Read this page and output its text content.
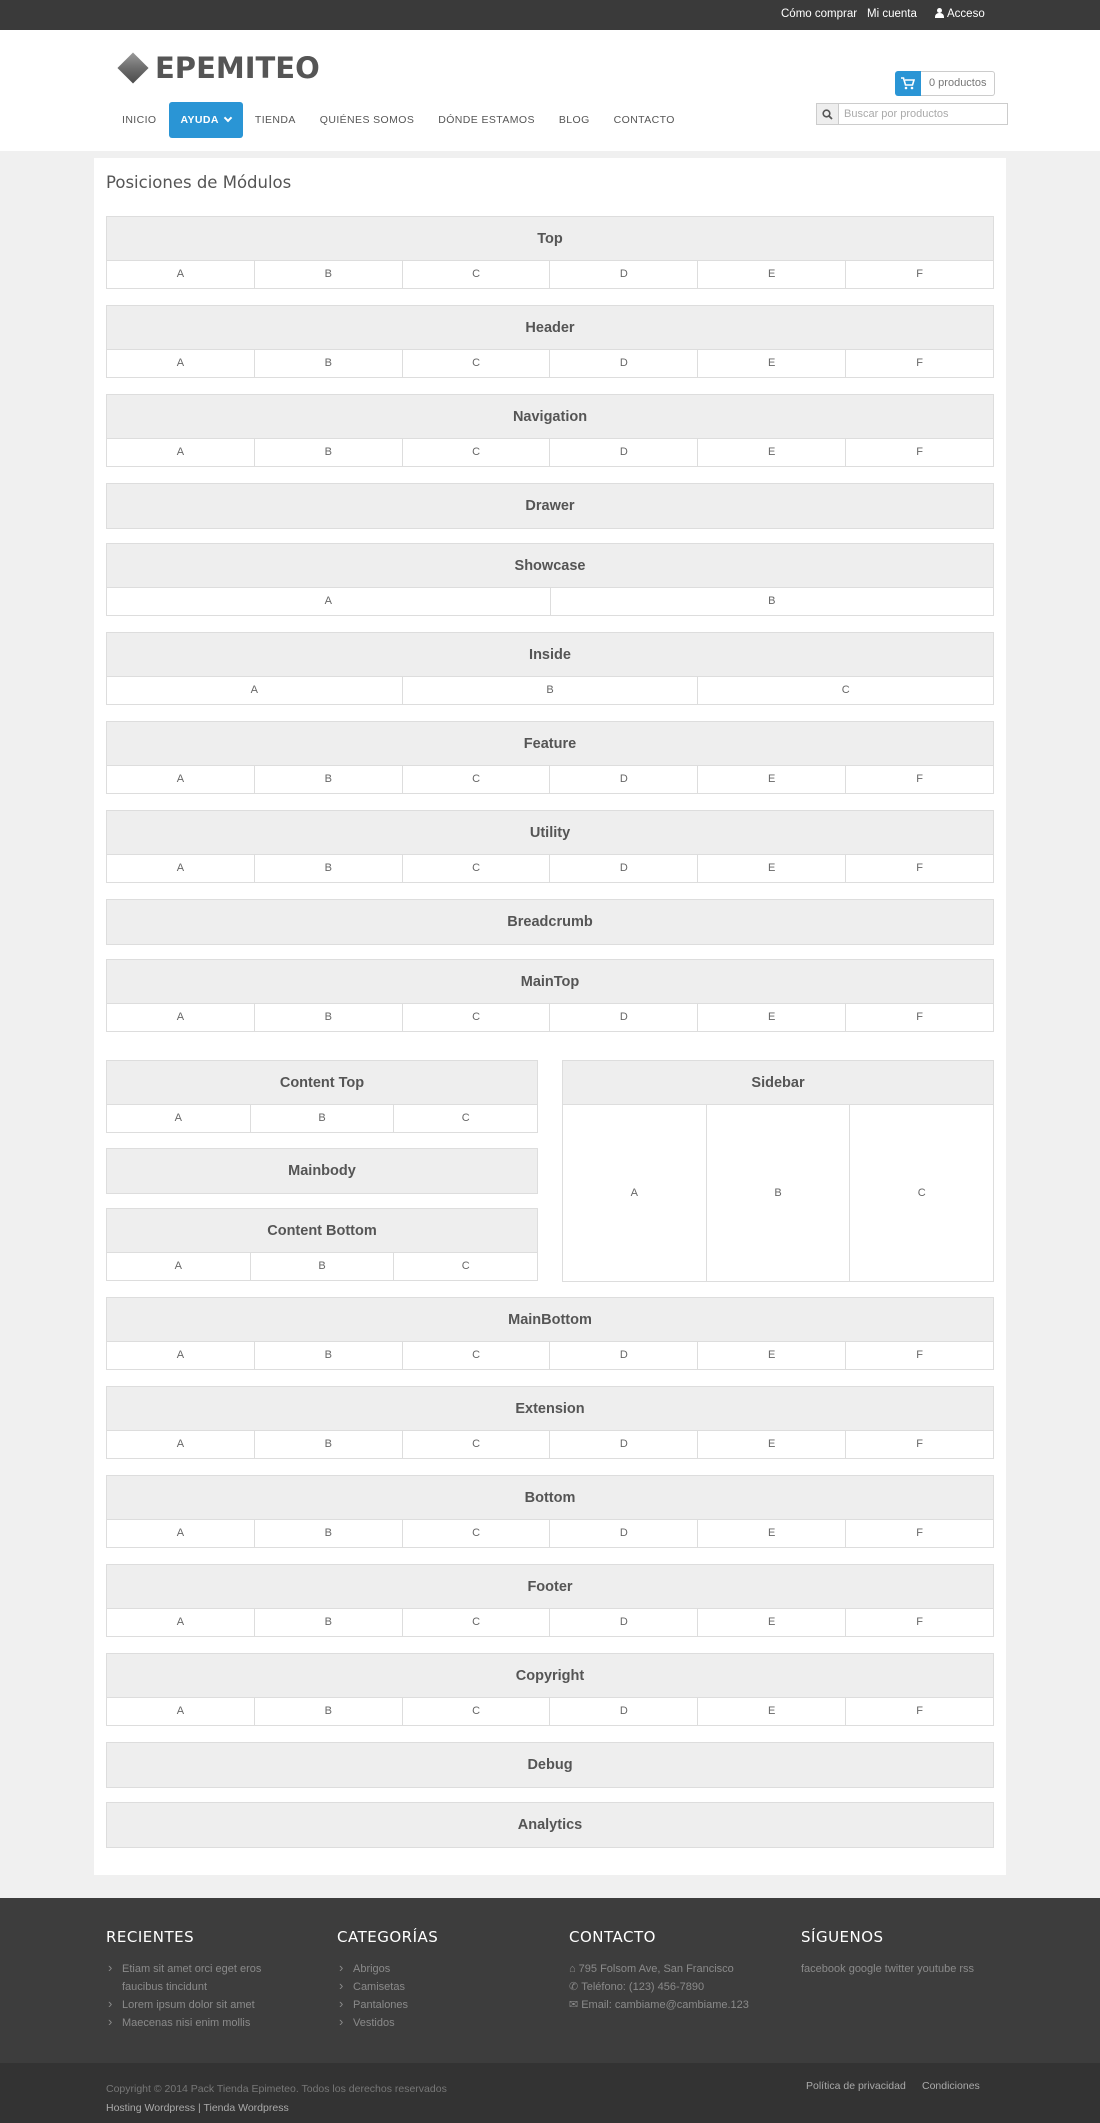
Cómo comprar Mi cuenta	Acceso
EPEMITEO	0 productos
Buscar por productos
INICIO	AYUDA	TIENDA	QUIÉNES SOMOS	DÓNDE ESTAMOS	BLOG	CONTACTO
Posiciones de Módulos
Top
A	B	C	D	E	F
Header
A	B	C	D	E	F
Navigation
A	B	C	D	E	F
Drawer
Showcase
A	B
Inside
A	B	C
Feature
A	B	C	D	E	F
Utility
A	B	C	D	E	F
Breadcrumb
MainTop
A	B	C	D	E	F
Content Top
A	B	C
Mainbody
Content Bottom
A	B	C
Sidebar
A	B	C
MainBottom
A	B	C	D	E	F
Extension
A	B	C	D	E	F
Bottom
A	B	C	D	E	F
Footer
A	B	C	D	E	F
Copyright
A	B	C	D	E	F
Debug
Analytics
RECIENTES
› Etiam sit amet orci eget eros faucibus tincidunt
› Lorem ipsum dolor sit amet
› Maecenas nisi enim mollis
CATEGORÍAS
› Abrigos
› Camisetas
› Pantalones
› Vestidos
CONTACTO
⌂ 795 Folsom Ave, San Francisco
✆ Teléfono: (123) 456-7890
✉ Email: cambiame@cambiame.123
SÍGUENOS
facebook google twitter youtube rss
Copyright © 2014 Pack Tienda Epimeteo. Todos los derechos reservados
Hosting Wordpress | Tienda Wordpress
Política de privacidad Condiciones
